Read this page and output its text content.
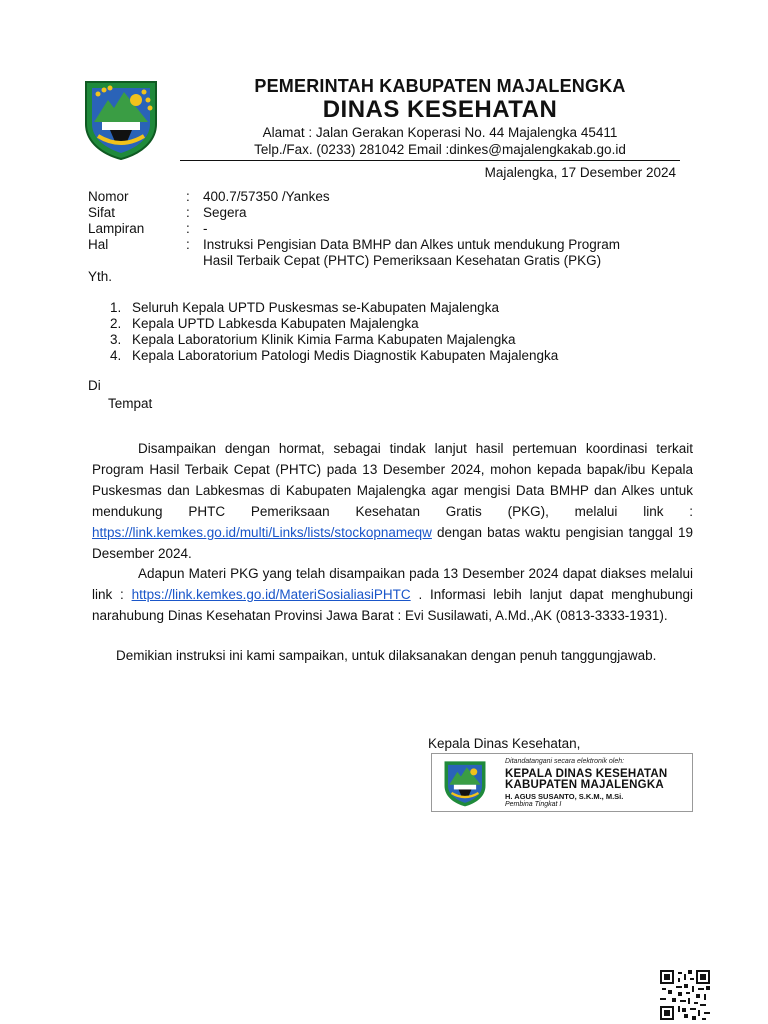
PEMERINTAH KABUPATEN MAJALENGKA
DINAS KESEHATAN
Alamat : Jalan Gerakan Koperasi No. 44 Majalengka 45411
Telp./Fax. (0233) 281042 Email :dinkes@majalengkakab.go.id
Majalengka, 17 Desember 2024
Nomor	:	400.7/57350 /Yankes
Sifat	:	Segera
Lampiran	:	-
Hal	:	Instruksi Pengisian Data BMHP dan Alkes untuk mendukung Program
Hasil Terbaik Cepat (PHTC) Pemeriksaan Kesehatan Gratis (PKG)
Yth.
1. Seluruh Kepala UPTD Puskesmas se-Kabupaten Majalengka
2. Kepala UPTD Labkesda Kabupaten Majalengka
3. Kepala Laboratorium Klinik Kimia Farma Kabupaten Majalengka
4. Kepala Laboratorium Patologi Medis Diagnostik Kabupaten Majalengka
Di
Tempat
Disampaikan dengan hormat, sebagai tindak lanjut hasil pertemuan koordinasi terkait Program Hasil Terbaik Cepat (PHTC) pada 13 Desember 2024, mohon kepada bapak/ibu Kepala Puskesmas dan Labkesmas di Kabupaten Majalengka agar mengisi Data BMHP dan Alkes untuk mendukung PHTC Pemeriksaan Kesehatan Gratis (PKG), melalui link : https://link.kemkes.go.id/multi/Links/lists/stockopnameqw dengan batas waktu pengisian tanggal 19 Desember 2024.
Adapun Materi PKG yang telah disampaikan pada 13 Desember 2024 dapat diakses melalui link : https://link.kemkes.go.id/MateriSosialiasiPHTC . Informasi lebih lanjut dapat menghubungi narahubung Dinas Kesehatan Provinsi Jawa Barat : Evi Susilawati, A.Md.,AK (0813-3333-1931).
Demikian instruksi ini kami sampaikan, untuk dilaksanakan dengan penuh tanggungjawab.
Kepala Dinas Kesehatan,
Ditandatangani secara elektronik oleh:
KEPALA DINAS KESEHATAN
KABUPATEN MAJALENGKA
H. AGUS SUSANTO, S.K.M., M.Si.
Pembina Tingkat I
